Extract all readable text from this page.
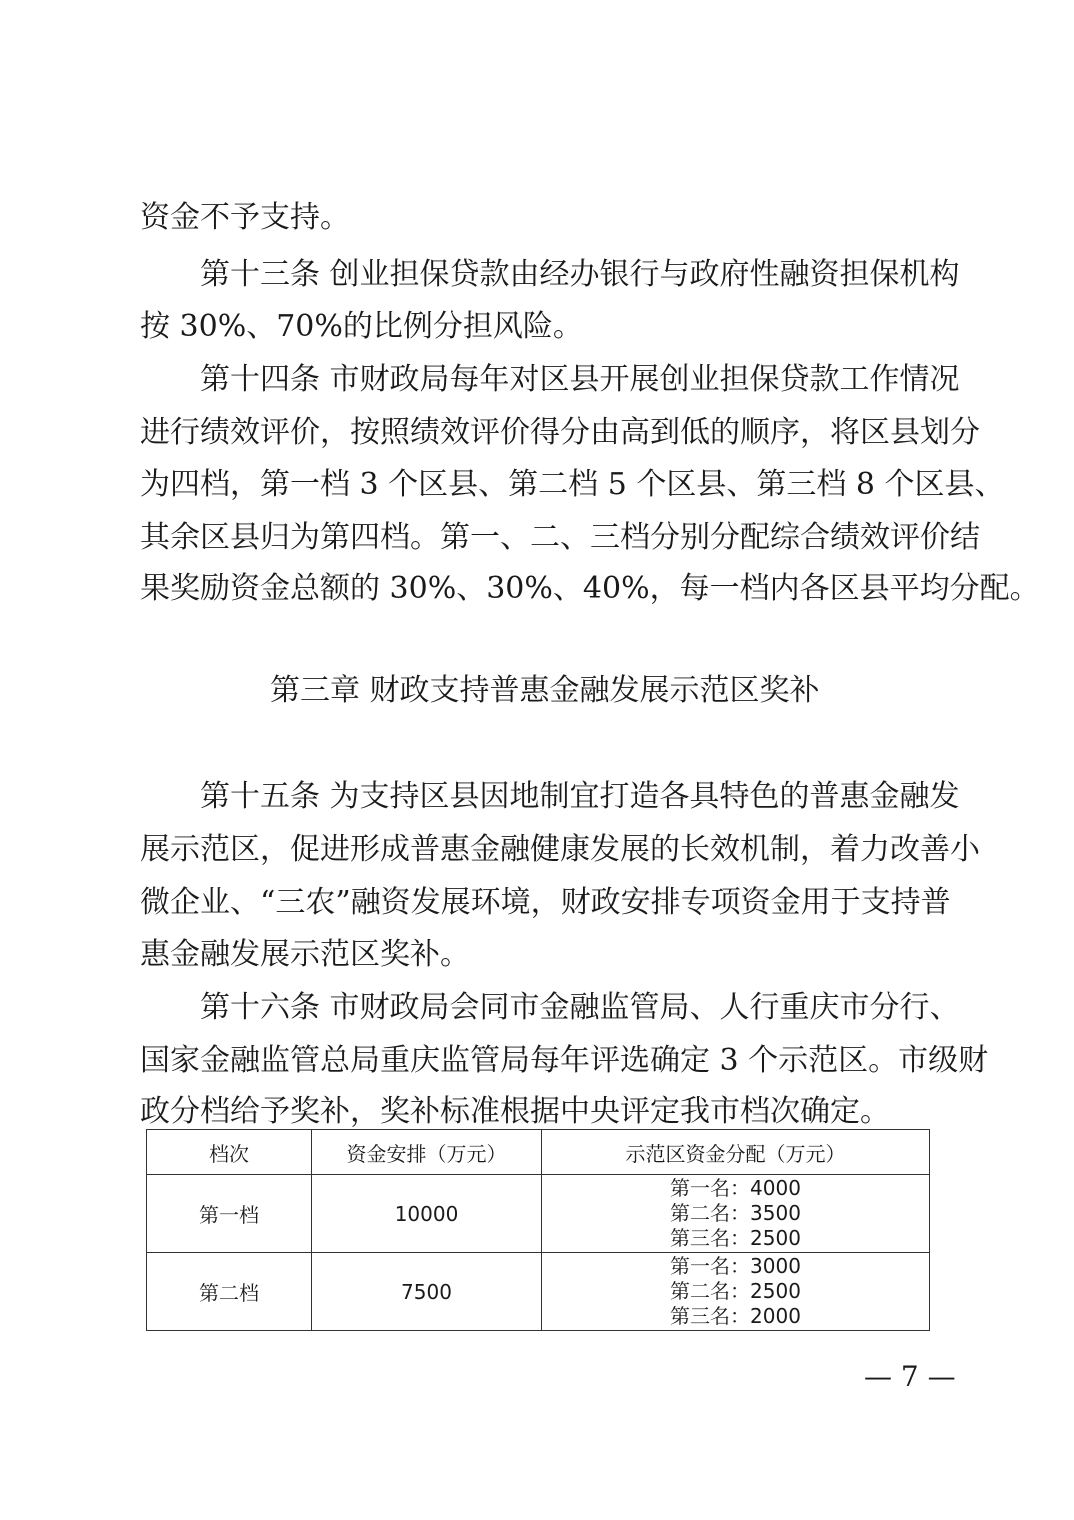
资金不予支持。
第十三条 创业担保贷款由经办银行与政府性融资担保机构
按 30%、70%的比例分担风险。
第十四条 市财政局每年对区县开展创业担保贷款工作情况
进行绩效评价，按照绩效评价得分由高到低的顺序，将区县划分
为四档，第一档 3 个区县、第二档 5 个区县、第三档 8 个区县、
其余区县归为第四档。第一、二、三档分别分配综合绩效评价结
果奖励资金总额的 30%、30%、40%，每一档内各区县平均分配。
第三章 财政支持普惠金融发展示范区奖补
第十五条 为支持区县因地制宜打造各具特色的普惠金融发
展示范区，促进形成普惠金融健康发展的长效机制，着力改善小
微企业、“三农”融资发展环境，财政安排专项资金用于支持普
惠金融发展示范区奖补。
第十六条 市财政局会同市金融监管局、人行重庆市分行、
国家金融监管总局重庆监管局每年评选确定 3 个示范区。市级财
政分档给予奖补，奖补标准根据中央评定我市档次确定。
档次	资金安排（万元）	示范区资金分配（万元）
第一档	10000	第一名：4000
第二名：3500
第三名：2500

第二档	7500	第一名：3000
第二名：2500
第三名：2000
— 7 —
